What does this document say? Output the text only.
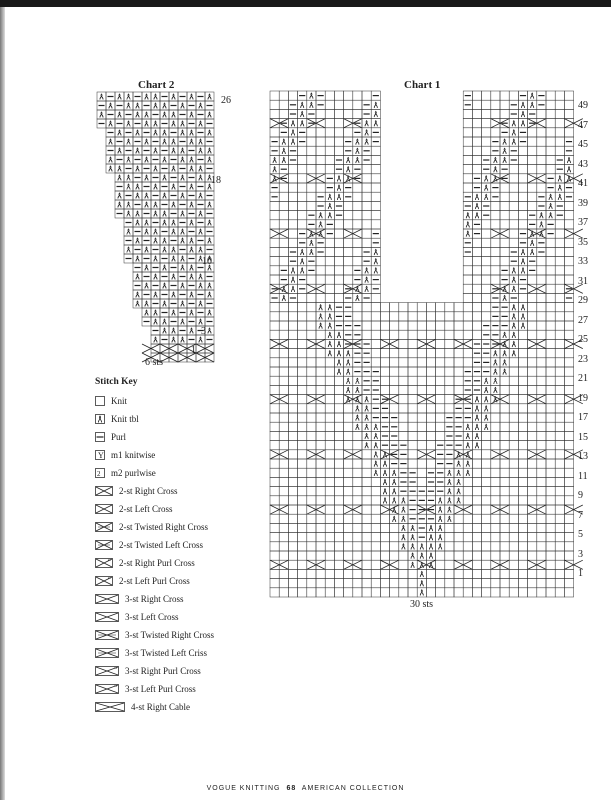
Chart 2
26
18
10
3
1
6 sts
Chart 1
49
47
45
43
41
39
37
35
33
31
29
27
25
23
21
19
17
15
13
11
9
7
5
3
1
30 sts
Stitch Key
Knit
Knit tbl
Purl
Y m1 knitwise
2 m2 purlwise
2-st Right Cross
2-st Left Cross
2-st Twisted Right Cross
2-st Twisted Left Cross
2-st Right Purl Cross
2-st Left Purl Cross
3-st Right Cross
3-st Left Cross
3-st Twisted Right Cross
3-st Twisted Left Criss
3-st Right Purl Cross
3-st Left Purl Cross
4-st Right Cable
VOGUE KNITTING 68 AMERICAN COLLECTION
